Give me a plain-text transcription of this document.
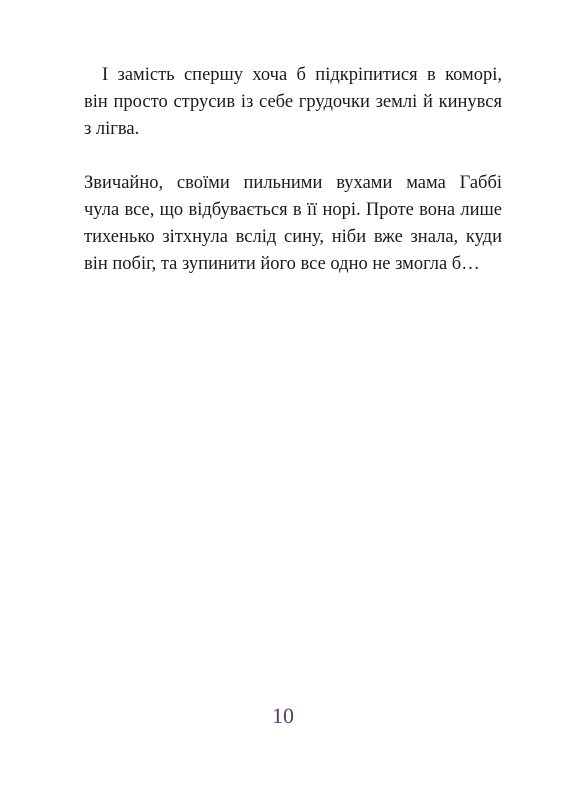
І замість спершу хоча б підкріпитися в коморі,
він просто струсив із себе грудочки землі й кинувся
з лігва.
Звичайно, своїми пильними вухами мама Габбі
чула все, що відбувається в її норі. Проте вона лише
тихенько зітхнула вслід сину, ніби вже знала, куди
він побіг, та зупинити його все одно не змогла б…
10
